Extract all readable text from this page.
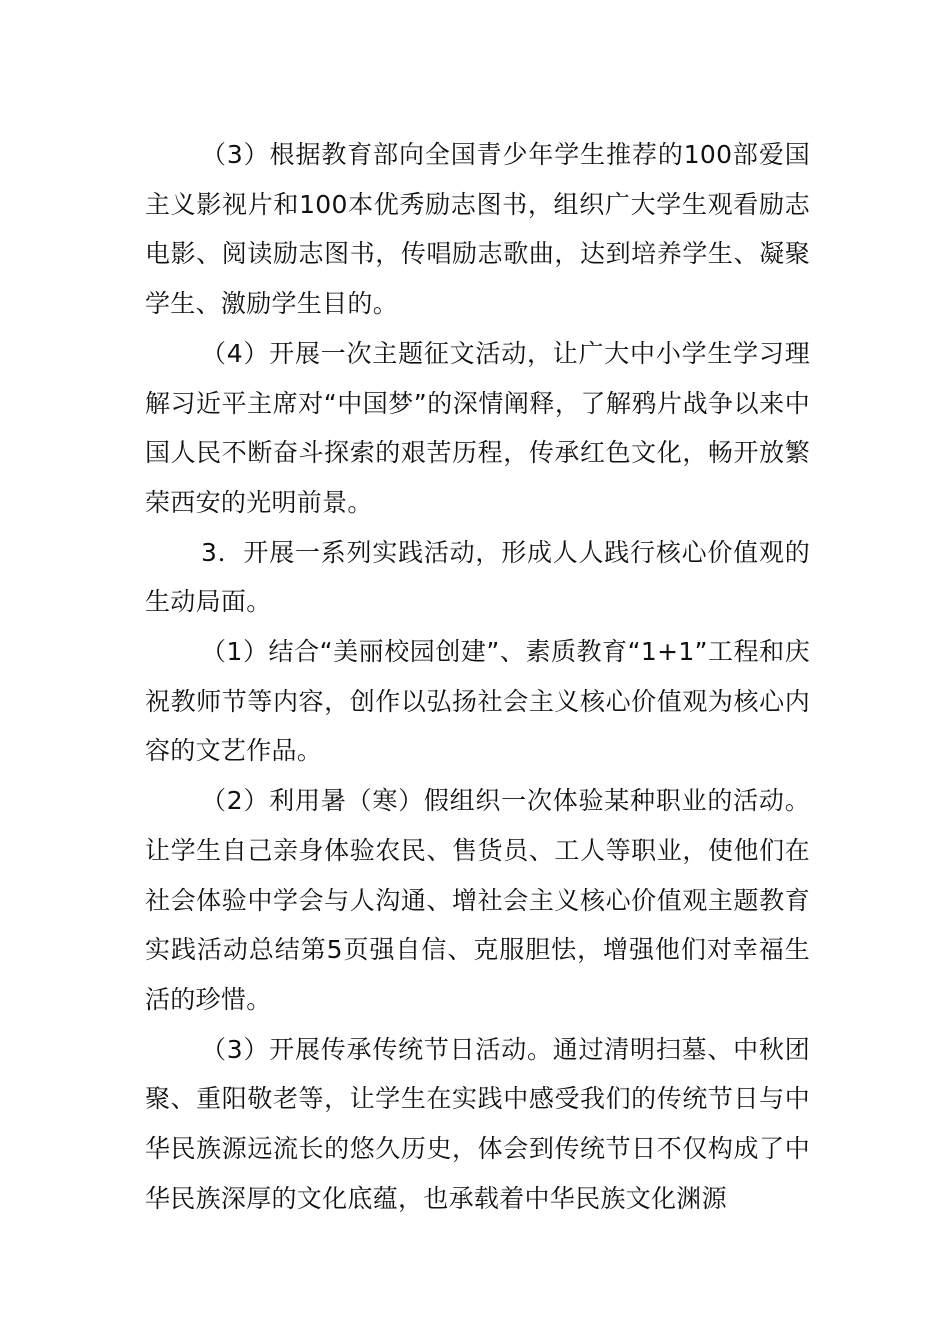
（3）根据教育部向全国青少年学生推荐的100部爱国主义影视片和100本优秀励志图书，组织广大学生观看励志电影、阅读励志图书，传唱励志歌曲，达到培养学生、凝聚学生、激励学生目的。

（4）开展一次主题征文活动，让广大中小学生学习理解习近平主席对“中国梦”的深情阐释，了解鸦片战争以来中国人民不断奋斗探索的艰苦历程，传承红色文化，畅开放繁荣西安的光明前景。

3．开展一系列实践活动，形成人人践行核心价值观的生动局面。

（1）结合“美丽校园创建”、素质教育“1+1”工程和庆祝教师节等内容，创作以弘扬社会主义核心价值观为核心内容的文艺作品。

（2）利用暑（寒）假组织一次体验某种职业的活动。让学生自己亲身体验农民、售货员、工人等职业，使他们在社会体验中学会与人沟通、增社会主义核心价值观主题教育实践活动总结第5页强自信、克服胆怯，增强他们对幸福生活的珍惜。

（3）开展传承传统节日活动。通过清明扫墓、中秋团聚、重阳敬老等，让学生在实践中感受我们的传统节日与中华民族源远流长的悠久历史，体会到传统节日不仅构成了中华民族深厚的文化底蕴，也承载着中华民族文化渊源
